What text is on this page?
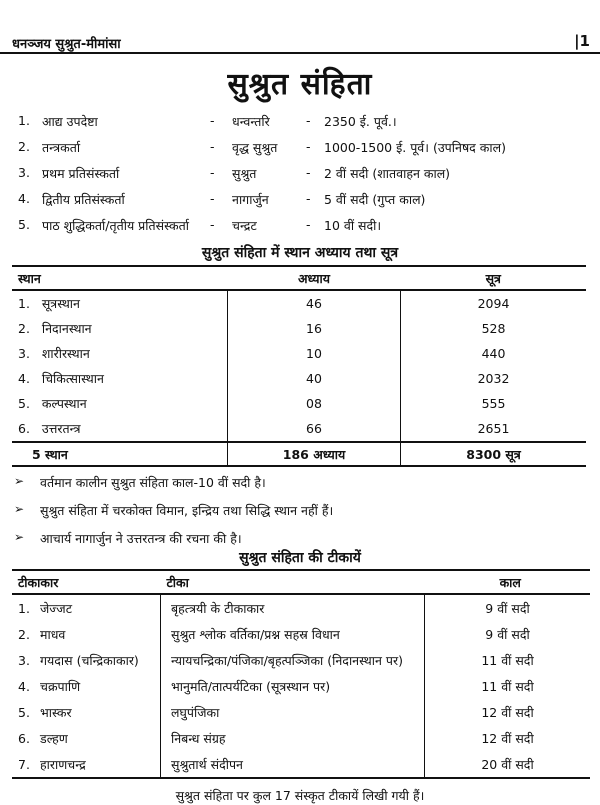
धनञ्जय सुश्रुत-मीमांसा	|1
सुश्रुत संहिता
1. आद्य उपदेष्टा	- धन्वन्तरि	- 2350 ई. पूर्व.।
2. तन्त्रकर्ता	- वृद्ध सुश्रुत - 1000-1500 ई. पूर्व। (उपनिषद काल)
3. प्रथम प्रतिसंस्कर्ता	- सुश्रुत	- 2 वीं सदी (शातवाहन काल)
4. द्वितीय प्रतिसंस्कर्ता	- नागार्जुन	- 5 वीं सदी (गुप्त काल)
5. पाठ शुद्धिकर्ता/तृतीय प्रतिसंस्कर्ता - चन्द्रट	- 10 वीं सदी।
सुश्रुत संहिता में स्थान अध्याय तथा सूत्र
स्थान	अध्याय	सूत्र
1. सूत्रस्थान	46	2094
2. निदानस्थान	16	528
3. शारीरस्थान	10	440
4. चिकित्सास्थान	40	2032
5. कल्पस्थान	08	555
6. उत्तरतन्त्र	66	2651
5 स्थान	186 अध्याय	8300 सूत्र
➢ वर्तमान कालीन सुश्रुत संहिता काल-10 वीं सदी है।
➢ सुश्रुत संहिता में चरकोक्त विमान, इन्द्रिय तथा सिद्धि स्थान नहीं हैं।
➢ आचार्य नागार्जुन ने उत्तरतन्त्र की रचना की है।
सुश्रुत संहिता की टीकायें
टीकाकार	टीका	काल
1. जेज्जट	बृहत्त्रयी के टीकाकार	9 वीं सदी
2. माधव	सुश्रुत श्लोक वर्तिका/प्रश्न सहस्र विधान	9 वीं सदी
3. गयदास (चन्द्रिकाकार)	न्यायचन्द्रिका/पंजिका/बृहत्पञ्जिका (निदानस्थान पर)	11 वीं सदी
4. चक्रपाणि	भानुमति/तात्पर्यटिका (सूत्रस्थान पर)	11 वीं सदी
5. भास्कर	लघुपंजिका	12 वीं सदी
6. डल्हण	निबन्ध संग्रह	12 वीं सदी
7. हाराणचन्द्र	सुश्रुतार्थ संदीपन	20 वीं सदी
सुश्रुत संहिता पर कुल 17 संस्कृत टीकायें लिखी गयी हैं।
